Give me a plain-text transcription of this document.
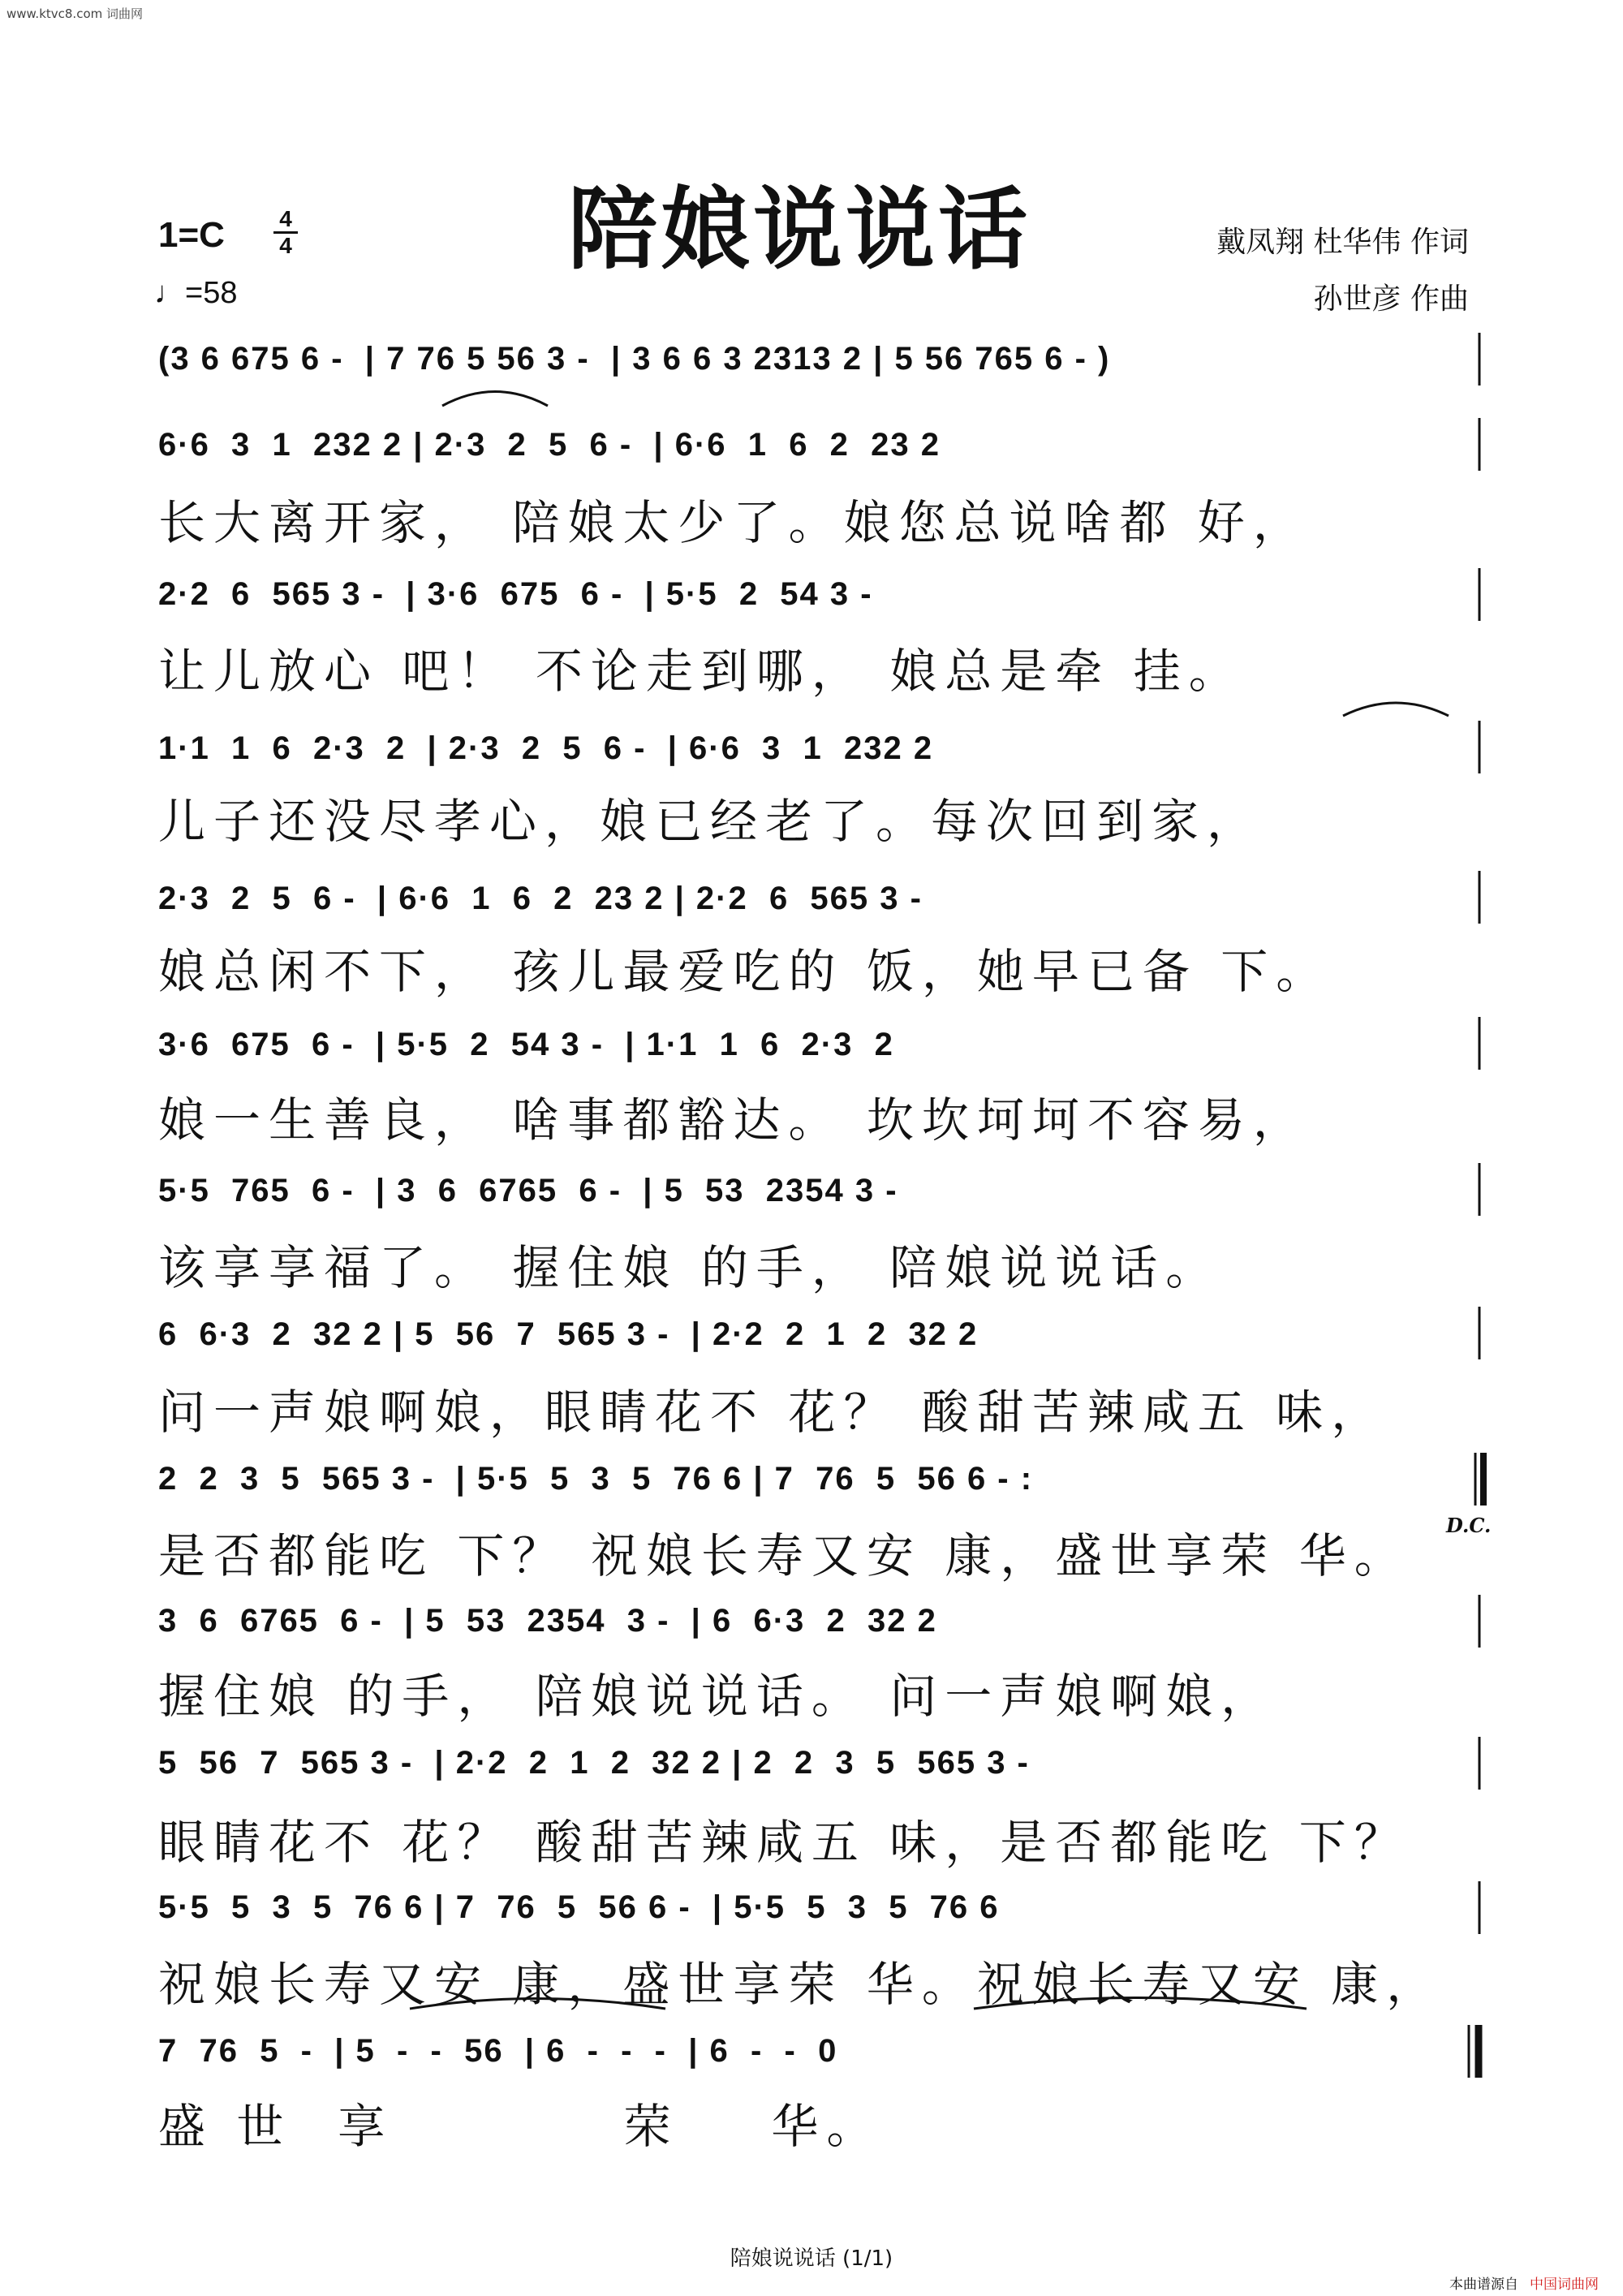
www.ktvc8.com 词曲网
陪娘说说话
1=C	4
4
♩=58
戴凤翔 杜华伟 作词
孙世彦 作曲
(3 6 675 6 -  | 7 76 5 56 3 -  | 3 6 6 3 2313 2 | 5 56 765 6 - )
6·6  3  1  232 2 | 2·3  2  5  6 -  | 6·6  1  6  2  23 2
长大离开家， 陪娘太少了。娘您总说啥都 好，
2·2  6  565 3 -  | 3·6  675  6 -  | 5·5  2  54 3 -
让儿放心 吧！ 不论走到哪， 娘总是牵 挂。
1·1  1  6  2·3  2  | 2·3  2  5  6 -  | 6·6  3  1  232 2
儿子还没尽孝心，娘已经老了。每次回到家，
2·3  2  5  6 -  | 6·6  1  6  2  23 2 | 2·2  6  565 3 -
娘总闲不下， 孩儿最爱吃的 饭，她早已备 下。
3·6  675  6 -  | 5·5  2  54 3 -  | 1·1  1  6  2·3  2
娘一生善良， 啥事都豁达。 坎坎坷坷不容易，
5·5  765  6 -  | 3  6  6765  6 -  | 5  53  2354 3 -
该享享福了。 握住娘 的手， 陪娘说说话。
6  6·3  2  32 2 | 5  56  7  565 3 -  | 2·2  2  1  2  32 2
问一声娘啊娘，眼睛花不 花？ 酸甜苦辣咸五 味，
2  2  3  5  565 3 -  | 5·5  5  3  5  76 6 | 7  76  5  56 6 - :
是否都能吃 下？ 祝娘长寿又安 康，盛世享荣 华。
D.C.
3  6  6765  6 -  | 5  53  2354  3 -  | 6  6·3  2  32 2
握住娘 的手， 陪娘说说话。 问一声娘啊娘，
5  56  7  565 3 -  | 2·2  2  1  2  32 2 | 2  2  3  5  565 3 -
眼睛花不 花？ 酸甜苦辣咸五 味，是否都能吃 下？
5·5  5  3  5  76 6 | 7  76  5  56 6 -  | 5·5  5  3  5  76 6
祝娘长寿又安 康，盛世享荣 华。祝娘长寿又安 康，
7  76  5  -  | 5  -  -  56  | 6  -  -  -  | 6  -  -  0
盛 世  享          荣    华。
陪娘说说话 (1/1)
本曲谱源自 中国词曲网
